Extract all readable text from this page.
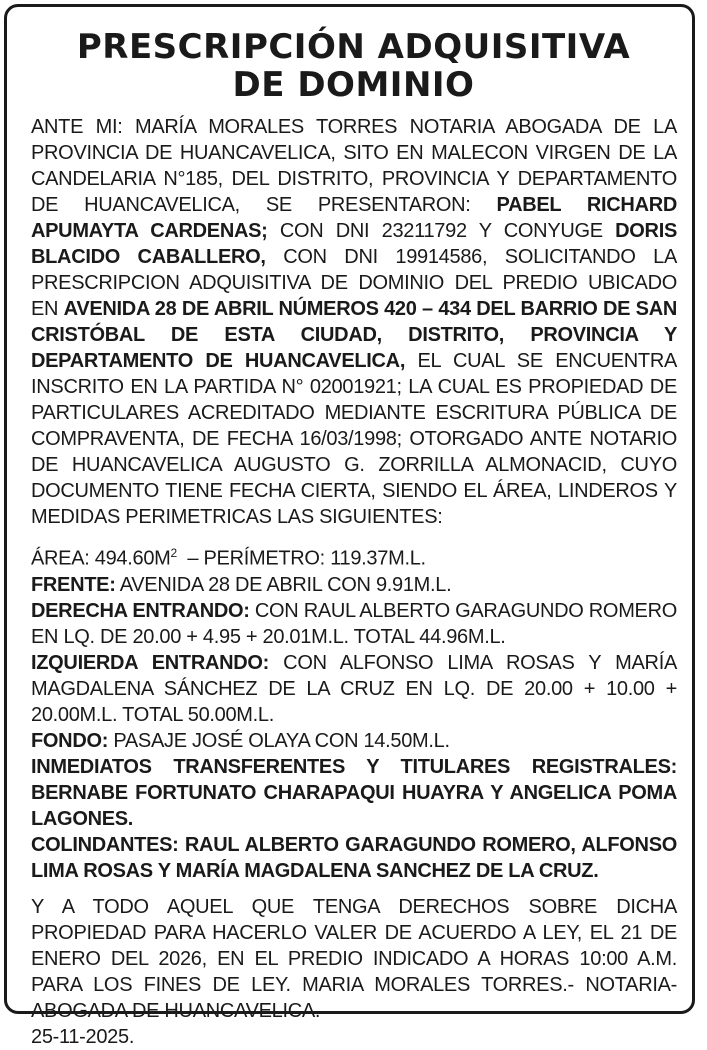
PRESCRIPCIÓN ADQUISITIVA
DE DOMINIO

ANTE MI: MARÍA MORALES TORRES NOTARIA ABOGADA DE LA PROVINCIA DE HUANCAVELICA, SITO EN MALECON VIRGEN DE LA CANDELARIA N°185, DEL DISTRITO, PROVINCIA Y DEPARTAMENTO DE HUANCAVELICA, SE PRESENTARON: PABEL RICHARD APUMAYTA CARDENAS; CON DNI 23211792 Y CONYUGE DORIS BLACIDO CABALLERO, CON DNI 19914586, SOLICITANDO LA PRESCRIPCION ADQUISITIVA DE DOMINIO DEL PREDIO UBICADO EN AVENIDA 28 DE ABRIL NÚMEROS 420 – 434 DEL BARRIO DE SAN CRISTÓBAL DE ESTA CIUDAD, DISTRITO, PROVINCIA Y DEPARTAMENTO DE HUANCAVELICA, EL CUAL SE ENCUENTRA INSCRITO EN LA PARTIDA N° 02001921; LA CUAL ES PROPIEDAD DE PARTICULARES ACREDITADO MEDIANTE ESCRITURA PÚBLICA DE COMPRAVENTA, DE FECHA 16/03/1998; OTORGADO ANTE NOTARIO DE HUANCAVELICA AUGUSTO G. ZORRILLA ALMONACID, CUYO DOCUMENTO TIENE FECHA CIERTA, SIENDO EL ÁREA, LINDEROS Y MEDIDAS PERIMETRICAS LAS SIGUIENTES:

ÁREA: $494.60M^2$  – PERÍMETRO: 119.37M.L.

FRENTE: AVENIDA 28 DE ABRIL CON 9.91M.L.

DERECHA ENTRANDO: CON RAUL ALBERTO GARAGUNDO ROMERO EN LQ. DE 20.00 + 4.95 + 20.01M.L. TOTAL 44.96M.L.

IZQUIERDA ENTRANDO: CON ALFONSO LIMA ROSAS Y MARÍA MAGDALENA SÁNCHEZ DE LA CRUZ EN LQ. DE 20.00 + 10.00 + 20.00M.L. TOTAL 50.00M.L.

FONDO: PASAJE JOSÉ OLAYA CON 14.50M.L.

INMEDIATOS TRANSFERENTES Y TITULARES REGISTRALES: BERNABE FORTUNATO CHARAPAQUI HUAYRA Y ANGELICA POMA LAGONES.

COLINDANTES: RAUL ALBERTO GARAGUNDO ROMERO, ALFONSO LIMA ROSAS Y MARÍA MAGDALENA SANCHEZ DE LA CRUZ.

Y A TODO AQUEL QUE TENGA DERECHOS SOBRE DICHA PROPIEDAD PARA HACERLO VALER DE ACUERDO A LEY, EL 21 DE ENERO DEL 2026, EN EL PREDIO INDICADO A HORAS 10:00 A.M. PARA LOS FINES DE LEY. MARIA MORALES TORRES.- NOTARIA-ABOGADA DE HUANCAVELICA.
25-11-2025.
